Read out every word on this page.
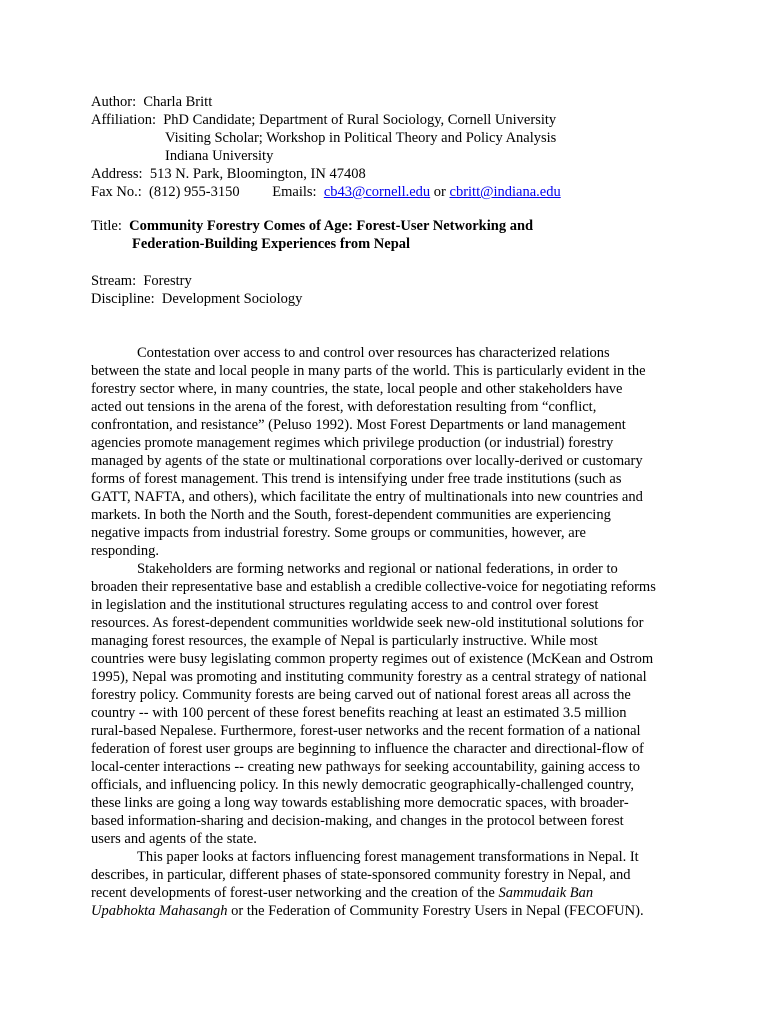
Author: Charla Britt
Affiliation: PhD Candidate; Department of Rural Sociology, Cornell University
Visiting Scholar; Workshop in Political Theory and Policy Analysis
Indiana University
Address: 513 N. Park, Bloomington, IN 47408
Fax No.: (812) 955-3150 Emails: cb43@cornell.edu or cbritt@indiana.edu
Title: Community Forestry Comes of Age: Forest-User Networking and
Federation-Building Experiences from Nepal
Stream: Forestry
Discipline: Development Sociology
Contestation over access to and control over resources has characterized relations
between the state and local people in many parts of the world. This is particularly evident in the
forestry sector where, in many countries, the state, local people and other stakeholders have
acted out tensions in the arena of the forest, with deforestation resulting from “conflict,
confrontation, and resistance” (Peluso 1992). Most Forest Departments or land management
agencies promote management regimes which privilege production (or industrial) forestry
managed by agents of the state or multinational corporations over locally-derived or customary
forms of forest management. This trend is intensifying under free trade institutions (such as
GATT, NAFTA, and others), which facilitate the entry of multinationals into new countries and
markets. In both the North and the South, forest-dependent communities are experiencing
negative impacts from industrial forestry. Some groups or communities, however, are
responding.
Stakeholders are forming networks and regional or national federations, in order to
broaden their representative base and establish a credible collective-voice for negotiating reforms
in legislation and the institutional structures regulating access to and control over forest
resources. As forest-dependent communities worldwide seek new-old institutional solutions for
managing forest resources, the example of Nepal is particularly instructive. While most
countries were busy legislating common property regimes out of existence (McKean and Ostrom
1995), Nepal was promoting and instituting community forestry as a central strategy of national
forestry policy. Community forests are being carved out of national forest areas all across the
country -- with 100 percent of these forest benefits reaching at least an estimated 3.5 million
rural-based Nepalese. Furthermore, forest-user networks and the recent formation of a national
federation of forest user groups are beginning to influence the character and directional-flow of
local-center interactions -- creating new pathways for seeking accountability, gaining access to
officials, and influencing policy. In this newly democratic geographically-challenged country,
these links are going a long way towards establishing more democratic spaces, with broader-
based information-sharing and decision-making, and changes in the protocol between forest
users and agents of the state.
This paper looks at factors influencing forest management transformations in Nepal. It
describes, in particular, different phases of state-sponsored community forestry in Nepal, and
recent developments of forest-user networking and the creation of the Sammudaik Ban
Upabhokta Mahasangh or the Federation of Community Forestry Users in Nepal (FECOFUN).
